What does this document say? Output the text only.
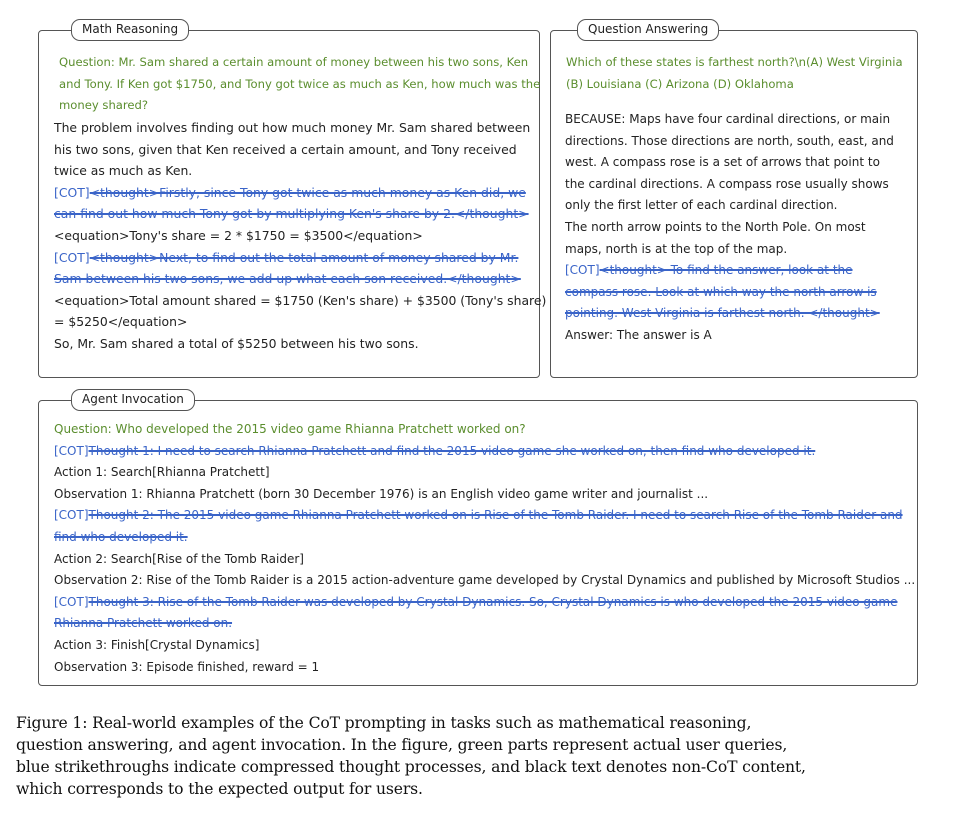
Math Reasoning
Question: Mr. Sam shared a certain amount of money between his two sons, Ken
and Tony. If Ken got $1750, and Tony got twice as much as Ken, how much was the
money shared?
The problem involves finding out how much money Mr. Sam shared between
his two sons, given that Ken received a certain amount, and Tony received
twice as much as Ken.
[COT]<thought>Firstly, since Tony got twice as much money as Ken did, we
can find out how much Tony got by multiplying Ken's share by 2.</thought>
<equation>Tony's share = 2 * $1750 = $3500</equation>
[COT]<thought>Next, to find out the total amount of money shared by Mr.
Sam between his two sons, we add up what each son received.</thought>
<equation>Total amount shared = $1750 (Ken's share) + $3500 (Tony's share)
= $5250</equation>
So, Mr. Sam shared a total of $5250 between his two sons.
Question Answering
Which of these states is farthest north?\n(A) West Virginia
(B) Louisiana (C) Arizona (D) Oklahoma
BECAUSE: Maps have four cardinal directions, or main
directions. Those directions are north, south, east, and
west. A compass rose is a set of arrows that point to
the cardinal directions. A compass rose usually shows
only the first letter of each cardinal direction.
The north arrow points to the North Pole. On most
maps, north is at the top of the map.
[COT]<thought> To find the answer, look at the
compass rose. Look at which way the north arrow is
pointing. West Virginia is farthest north. </thought>
Answer: The answer is A
Agent Invocation
Question: Who developed the 2015 video game Rhianna Pratchett worked on?
[COT]Thought 1: I need to search Rhianna Pratchett and find the 2015 video game she worked on, then find who developed it.
Action 1: Search[Rhianna Pratchett]
Observation 1: Rhianna Pratchett (born 30 December 1976) is an English video game writer and journalist ...
[COT]Thought 2: The 2015 video game Rhianna Pratchett worked on is Rise of the Tomb Raider. I need to search Rise of the Tomb Raider and
find who developed it.
Action 2: Search[Rise of the Tomb Raider]
Observation 2: Rise of the Tomb Raider is a 2015 action-adventure game developed by Crystal Dynamics and published by Microsoft Studios ...
[COT]Thought 3: Rise of the Tomb Raider was developed by Crystal Dynamics. So, Crystal Dynamics is who developed the 2015 video game
Rhianna Pratchett worked on.
Action 3: Finish[Crystal Dynamics]
Observation 3: Episode finished, reward = 1
Figure 1: Real-world examples of the CoT prompting in tasks such as mathematical reasoning,
question answering, and agent invocation. In the figure, green parts represent actual user queries,
blue strikethroughs indicate compressed thought processes, and black text denotes non-CoT content,
which corresponds to the expected output for users.
